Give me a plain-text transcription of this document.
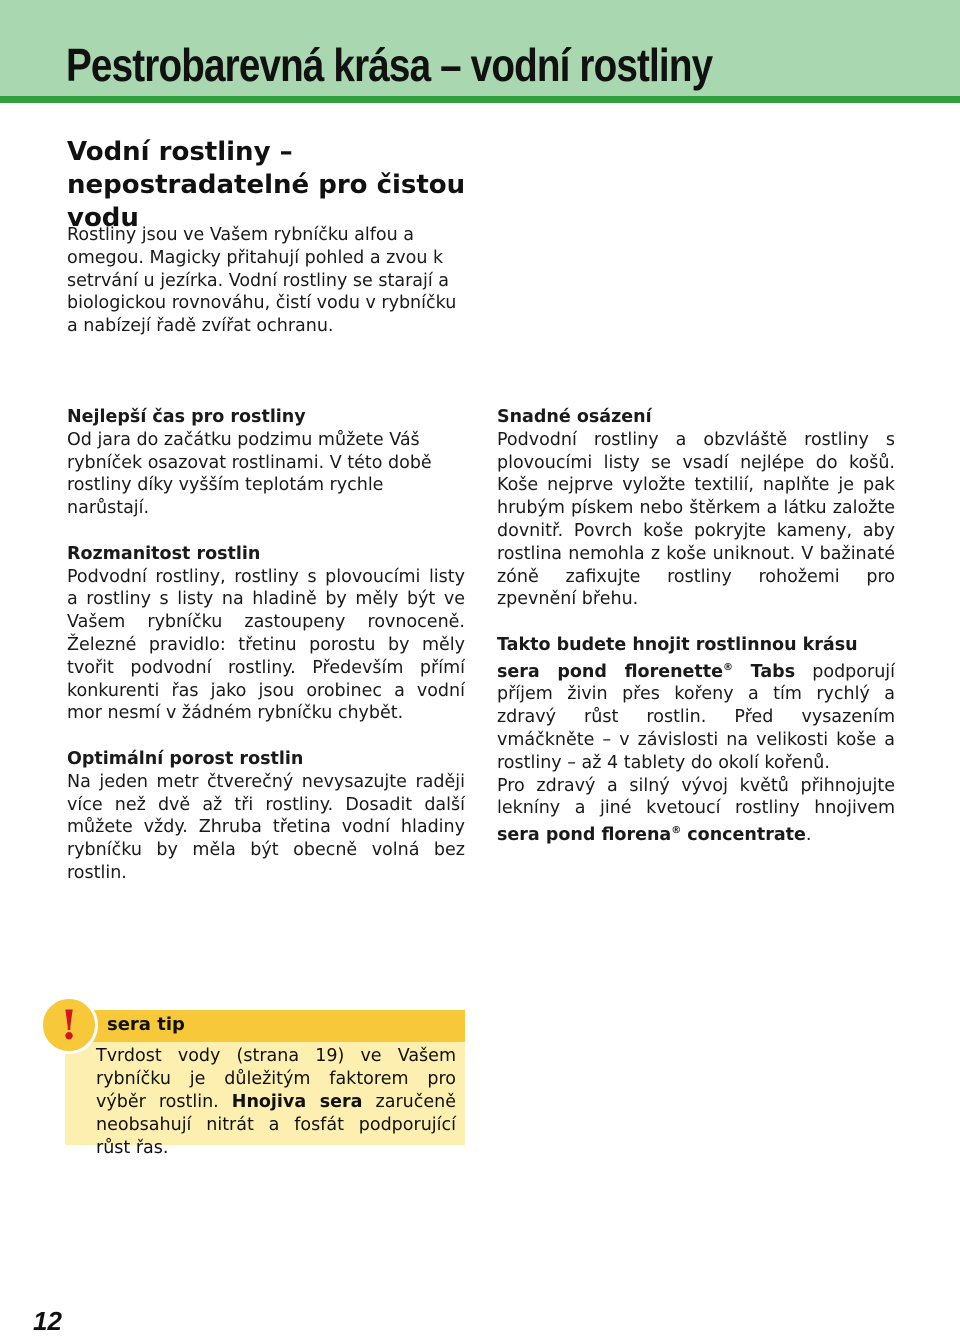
Pestrobarevná krása – vodní rostliny
Vodní rostliny – nepostradatelné pro čistou vodu

Rostliny jsou ve Vašem rybníčku alfou a omegou. Magicky přitahují pohled a zvou k setrvání u jezírka. Vodní rostliny se starají a biologickou rovnováhu, čistí vodu v rybníčku a nabízejí řadě zvířat ochranu.

Nejlepší čas pro rostliny

Od jara do začátku podzimu můžete Váš rybníček osazovat rostlinami. V této době rostliny díky vyšším teplotám rychle narůstají.

Rozmanitost rostlin

Podvodní rostliny, rostliny s plovoucími listy a rostliny s listy na hladině by měly být ve Vašem rybníčku zastoupeny rovnoceně. Železné pravidlo: třetinu porostu by měly tvořit podvodní rostliny. Především přímí konkurenti řas jako jsou orobinec a vodní mor nesmí v žádném rybníčku chybět.

Optimální porost rostlin

Na jeden metr čtverečný nevysazujte raději více než dvě až tři rostliny. Dosadit další můžete vždy. Zhruba třetina vodní hladiny rybníčku by měla být obecně volná bez rostlin.

Snadné osázení

Podvodní rostliny a obzvláště rostliny s plovoucími listy se vsadí nejlépe do košů. Koše nejprve vyložte textilií, naplňte je pak hrubým pískem nebo štěrkem a látku založte dovnitř. Povrch koše pokryjte kameny, aby rostlina nemohla z koše uniknout. V bažinaté zóně zafixujte rostliny rohožemi pro zpevnění břehu.

Takto budete hnojit rostlinnou krásu

sera pond florenette® Tabs podporují příjem živin přes kořeny a tím rychlý a zdravý růst rostlin. Před vysazením vmáčkněte – v závislosti na velikosti koše a rostliny – až 4 tablety do okolí kořenů.

Pro zdravý a silný vývoj květů přihnojujte lekníny a jiné kvetoucí rostliny hnojivem sera pond florena® concentrate.

sera tip

Tvrdost vody (strana 19) ve Vašem rybníčku je důležitým faktorem pro výběr rostlin. Hnojiva sera zaručeně neobsahují nitrát a fosfát podporující růst řas.

!
12
